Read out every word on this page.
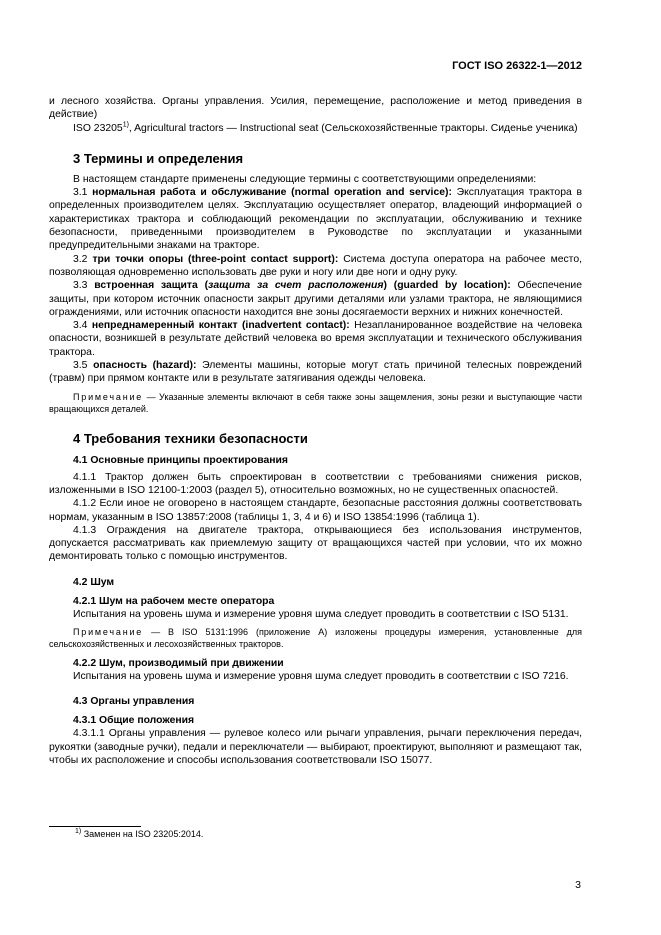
ГОСТ ISO 26322-1—2012

и лесного хозяйства. Органы управления. Усилия, перемещение, расположение и метод приведения в действие)

ISO 23205$^{1)}$, Agricultural tractors — Instructional seat (Сельскохозяйственные тракторы. Сиденье ученика)

3 Термины и определения

В настоящем стандарте применены следующие термины с соответствующими определениями:

3.1 нормальная работа и обслуживание (normal operation and service): Эксплуатация трактора в определенных производителем целях. Эксплуатацию осуществляет оператор, владеющий информацией о характеристиках трактора и соблюдающий рекомендации по эксплуатации, обслуживанию и технике безопасности, приведенными производителем в Руководстве по эксплуатации и указанными предупредительными знаками на тракторе.

3.2 три точки опоры (three-point contact support): Система доступа оператора на рабочее место, позволяющая одновременно использовать две руки и ногу или две ноги и одну руку.

3.3 встроенная защита (защита за счет расположения) (guarded by location): Обеспечение защиты, при котором источник опасности закрыт другими деталями или узлами трактора, не являющимися ограждениями, или источник опасности находится вне зоны досягаемости верхних и нижних конечностей.

3.4 непреднамеренный контакт (inadvertent contact): Незапланированное воздействие на человека опасности, возникшей в результате действий человека во время эксплуатации и технического обслуживания трактора.

3.5 опасность (hazard): Элементы машины, которые могут стать причиной телесных повреждений (травм) при прямом контакте или в результате затягивания одежды человека.

Примечание — Указанные элементы включают в себя также зоны защемления, зоны резки и выступающие части вращающихся деталей.

4 Требования техники безопасности
4.1 Основные принципы проектирования

4.1.1 Трактор должен быть спроектирован в соответствии с требованиями снижения рисков, изложенными в ISO 12100-1:2003 (раздел 5), относительно возможных, но не существенных опасностей.

4.1.2 Если иное не оговорено в настоящем стандарте, безопасные расстояния должны соответствовать нормам, указанным в ISO 13857:2008 (таблицы 1, 3, 4 и 6) и ISO 13854:1996 (таблица 1).

4.1.3 Ограждения на двигателе трактора, открывающиеся без использования инструментов, допускается рассматривать как приемлемую защиту от вращающихся частей при условии, что их можно демонтировать только с помощью инструментов.

4.2 Шум
4.2.1 Шум на рабочем месте оператора

Испытания на уровень шума и измерение уровня шума следует проводить в соответствии с ISO 5131.

Примечание — В ISO 5131:1996 (приложение А) изложены процедуры измерения, установленные для сельскохозяйственных и лесохозяйственных тракторов.

4.2.2 Шум, производимый при движении

Испытания на уровень шума и измерение уровня шума следует проводить в соответствии с ISO 7216.

4.3 Органы управления
4.3.1 Общие положения

4.3.1.1 Органы управления — рулевое колесо или рычаги управления, рычаги переключения передач, рукоятки (заводные ручки), педали и переключатели — выбирают, проектируют, выполняют и размещают так, чтобы их расположение и способы использования соответствовали ISO 15077.

$^{1)}$ Заменен на ISO 23205:2014.
3
